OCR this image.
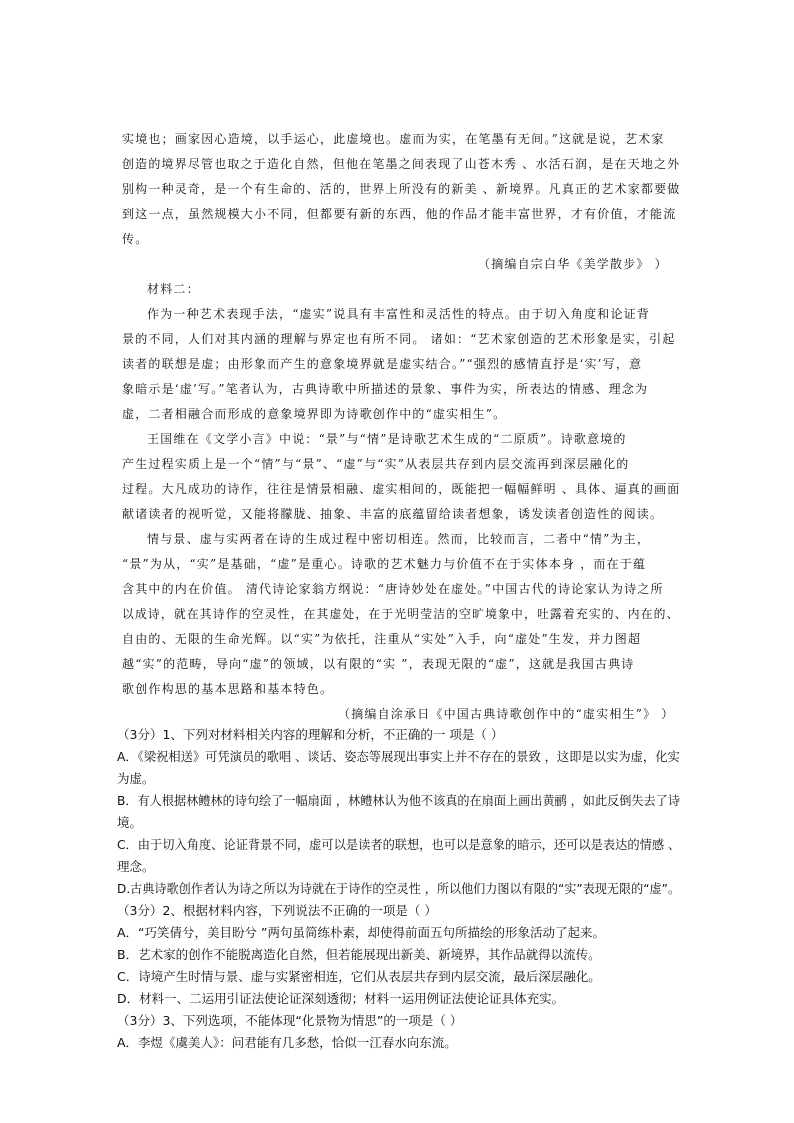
实境也；画家因心造境，以手运心，此虚境也。虚而为实，在笔墨有无间。”这就是说，艺术家
创造的境界尽管也取之于造化自然，但他在笔墨之间表现了山苍木秀 、水活石润，是在天地之外
别构一种灵奇，是一个有生命的、活的，世界上所没有的新美 、新境界。凡真正的艺术家都要做
到这一点，虽然规模大小不同，但都要有新的东西，他的作品才能丰富世界，才有价值，才能流
传。
（摘编自宗白华《美学散步》 ）
材料二：
作为一种艺术表现手法，“虚实”说具有丰富性和灵活性的特点。由于切入角度和论证背
景的不同，人们对其内涵的理解与界定也有所不同。 诸如：“艺术家创造的艺术形象是实，引起
读者的联想是虚；由形象而产生的意象境界就是虚实结合。”“强烈的感情直抒是‘实’写，意
象暗示是‘虚’写。”笔者认为，古典诗歌中所描述的景象、事件为实，所表达的情感、理念为
虚，二者相融合而形成的意象境界即为诗歌创作中的“虚实相生”。
王国维在《文学小言》中说：“景”与“情”是诗歌艺术生成的“二原质”。诗歌意境的
产生过程实质上是一个“情”与“景”、“虚”与“实”从表层共存到内层交流再到深层融化的
过程。大凡成功的诗作，往往是情景相融、虚实相间的，既能把一幅幅鲜明 、具体、逼真的画面
献诸读者的视听觉，又能将朦胧、抽象、丰富的底蕴留给读者想象，诱发读者创造性的阅读。
情与景、虚与实两者在诗的生成过程中密切相连。然而，比较而言，二者中“情”为主，
“景”为从，“实”是基础，“虚”是重心。诗歌的艺术魅力与价值不在于实体本身 ，而在于蕴
含其中的内在价值。 清代诗论家翁方纲说：“唐诗妙处在虚处。”中国古代的诗论家认为诗之所
以成诗，就在其诗作的空灵性，在其虚处，在于光明莹洁的空旷境象中，吐露着充实的、内在的、
自由的、无限的生命光辉。以“实”为依托，注重从“实处”入手，向“虚处”生发，并力图超
越“实”的范畴，导向“虚”的领域，以有限的“实 ”，表现无限的“虚”，这就是我国古典诗
歌创作构思的基本思路和基本特色。
（摘编自涂承日《中国古典诗歌创作中的“虚实相生”》 ）
（3分）1、下列对材料相关内容的理解和分析，不正确的一 项是（ ）
A．《梁祝相送》可凭演员的歌唱 、谈话、姿态等展现出事实上并不存在的景致 ，这即是以实为虚，化实
为虚。
B．有人根据林鳢林的诗句绘了一幅扇面 ，林鳢林认为他不该真的在扇面上画出黄鹂 ，如此反倒失去了诗
境。
C．由于切入角度、论证背景不同，虚可以是读者的联想，也可以是意象的暗示，还可以是表达的情感 、
理念。
D.古典诗歌创作者认为诗之所以为诗就在于诗作的空灵性 ，所以他们力图以有限的“实”表现无限的“虚”。
（3分）2、根据材料内容，下列说法不正确的一项是（ ）
A．“巧笑倩兮，美目盼兮 ”两句虽简练朴素，却使得前面五句所描绘的形象活动了起来。
B．艺术家的创作不能脱离造化自然，但若能展现出新美、新境界，其作品就得以流传。
C．诗境产生时情与景、虚与实紧密相连，它们从表层共存到内层交流，最后深层融化。
D．材料一、二运用引证法使论证深刻透彻；材料一运用例证法使论证具体充实。
（3分）3、下列选项，不能体现“化景物为情思”的一项是（ ）
A．李煜《虞美人》：问君能有几多愁，恰似一江春水向东流。
